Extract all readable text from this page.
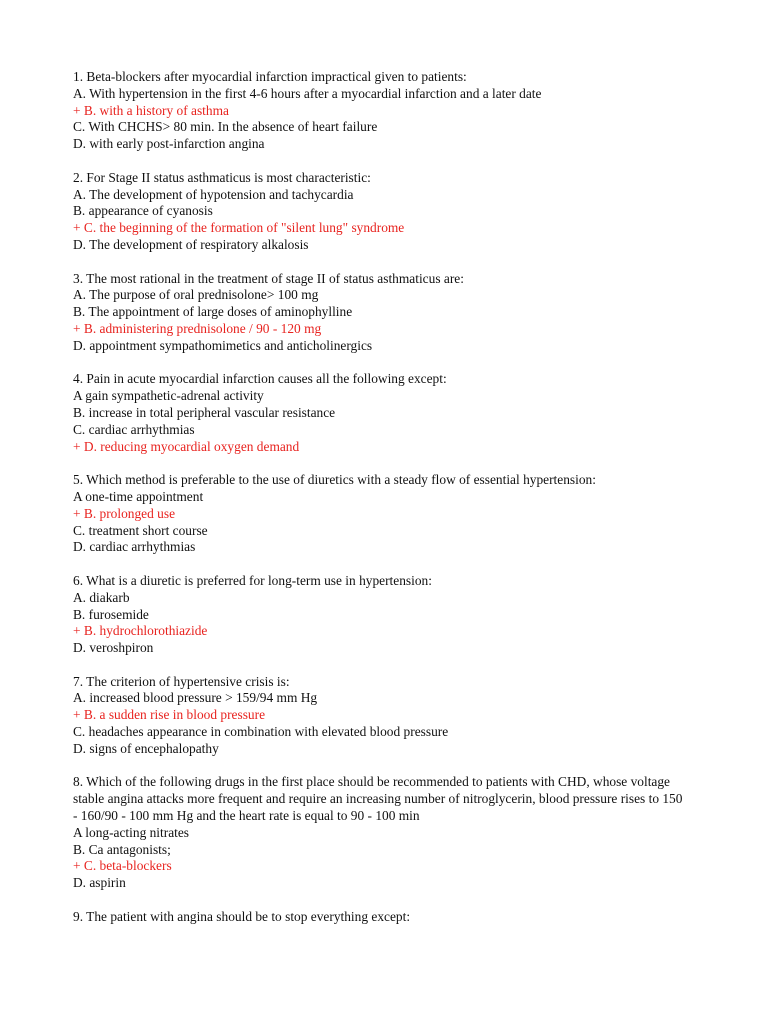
1. Beta-blockers after myocardial infarction impractical given to patients:
A. With hypertension in the first 4-6 hours after a myocardial infarction and a later date
+ B. with a history of asthma
C. With CHCHS> 80 min. In the absence of heart failure
D. with early post-infarction angina
2. For Stage II status asthmaticus is most characteristic:
A. The development of hypotension and tachycardia
B. appearance of cyanosis
+ C. the beginning of the formation of "silent lung" syndrome
D. The development of respiratory alkalosis
3. The most rational in the treatment of stage II of status asthmaticus are:
A. The purpose of oral prednisolone> 100 mg
B. The appointment of large doses of aminophylline
+ B. administering prednisolone / 90 - 120 mg
D. appointment sympathomimetics and anticholinergics
4. Pain in acute myocardial infarction causes all the following except:
A gain sympathetic-adrenal activity
B. increase in total peripheral vascular resistance
C. cardiac arrhythmias
+ D. reducing myocardial oxygen demand
5. Which method is preferable to the use of diuretics with a steady flow of essential hypertension:
A one-time appointment
+ B. prolonged use
C. treatment short course
D. cardiac arrhythmias
6. What is a diuretic is preferred for long-term use in hypertension:
A. diakarb
B. furosemide
+ B. hydrochlorothiazide
D. veroshpiron
7. The criterion of hypertensive crisis is:
A. increased blood pressure > 159/94 mm Hg
+ B. a sudden rise in blood pressure
C. headaches appearance in combination with elevated blood pressure
D. signs of encephalopathy
8. Which of the following drugs in the first place should be recommended to patients with CHD, whose voltage stable angina attacks more frequent and require an increasing number of nitroglycerin, blood pressure rises to 150 - 160/90 - 100 mm Hg and the heart rate is equal to 90 - 100 min
A long-acting nitrates
B. Ca antagonists;
+ C. beta-blockers
D. aspirin
9. The patient with angina should be to stop everything except:
